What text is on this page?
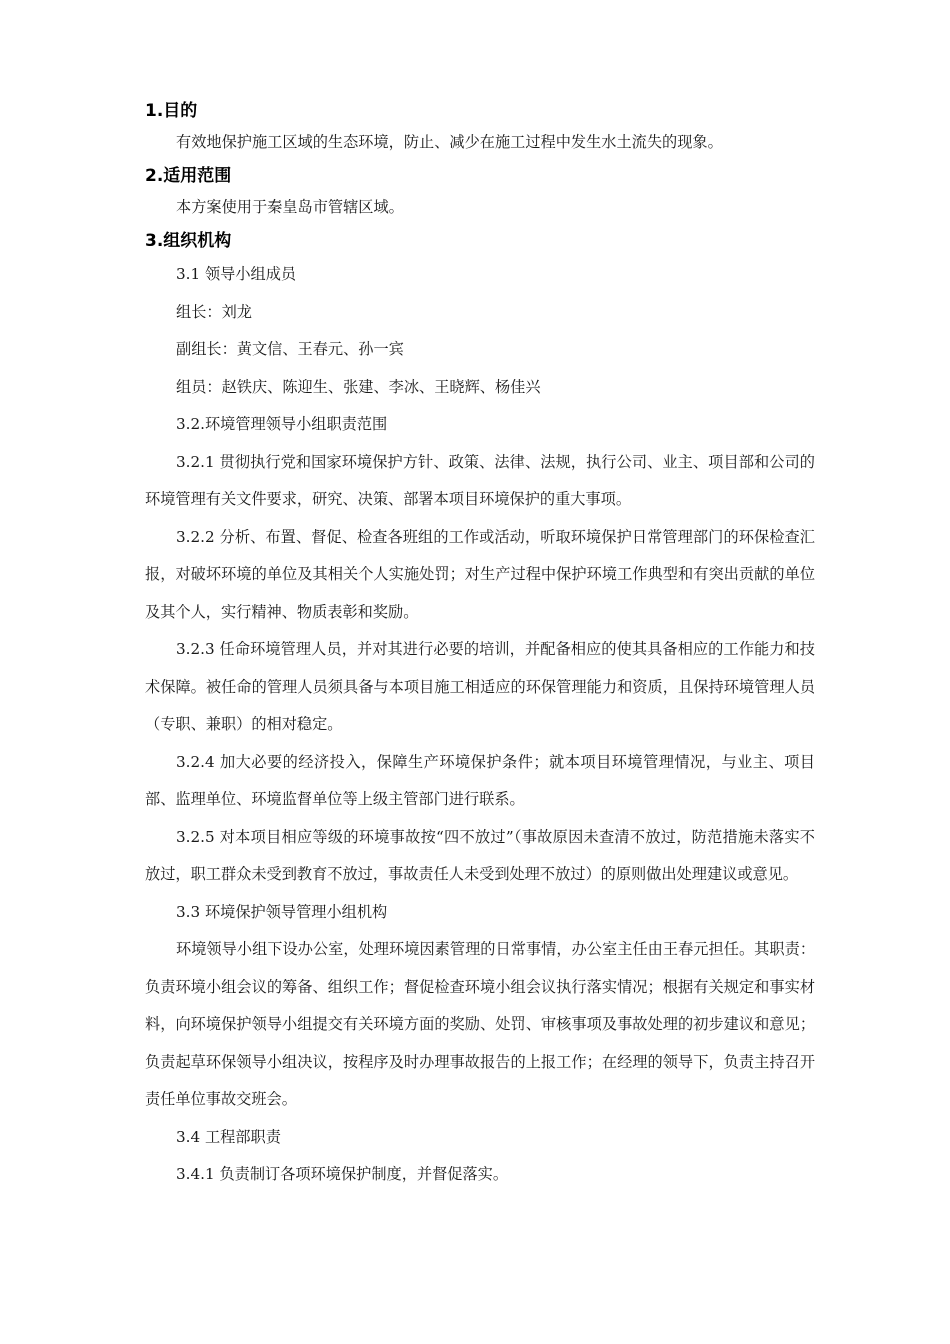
1.目的

有效地保护施工区域的生态环境，防止、减少在施工过程中发生水土流失的现象。

2.适用范围

本方案使用于秦皇岛市管辖区域。

3.组织机构

3.1 领导小组成员

组长：刘龙

副组长：黄文信、王春元、孙一宾

组员：赵铁庆、陈迎生、张建、李冰、王晓辉、杨佳兴

3.2.环境管理领导小组职责范围

3.2.1 贯彻执行党和国家环境保护方针、政策、法律、法规，执行公司、业主、项目部和公司的环境管理有关文件要求，研究、决策、部署本项目环境保护的重大事项。

3.2.2 分析、布置、督促、检查各班组的工作或活动，听取环境保护日常管理部门的环保检查汇报，对破坏环境的单位及其相关个人实施处罚；对生产过程中保护环境工作典型和有突出贡献的单位及其个人，实行精神、物质表彰和奖励。

3.2.3 任命环境管理人员，并对其进行必要的培训，并配备相应的使其具备相应的工作能力和技术保障。被任命的管理人员须具备与本项目施工相适应的环保管理能力和资质，且保持环境管理人员（专职、兼职）的相对稳定。

3.2.4 加大必要的经济投入，保障生产环境保护条件；就本项目环境管理情况，与业主、项目部、监理单位、环境监督单位等上级主管部门进行联系。

3.2.5 对本项目相应等级的环境事故按“四不放过”（事故原因未查清不放过，防范措施未落实不放过，职工群众未受到教育不放过，事故责任人未受到处理不放过）的原则做出处理建议或意见。

3.3 环境保护领导管理小组机构

环境领导小组下设办公室，处理环境因素管理的日常事情，办公室主任由王春元担任。其职责：负责环境小组会议的筹备、组织工作；督促检查环境小组会议执行落实情况；根据有关规定和事实材料，向环境保护领导小组提交有关环境方面的奖励、处罚、审核事项及事故处理的初步建议和意见；负责起草环保领导小组决议，按程序及时办理事故报告的上报工作；在经理的领导下，负责主持召开责任单位事故交班会。

3.4 工程部职责

3.4.1 负责制订各项环境保护制度，并督促落实。
